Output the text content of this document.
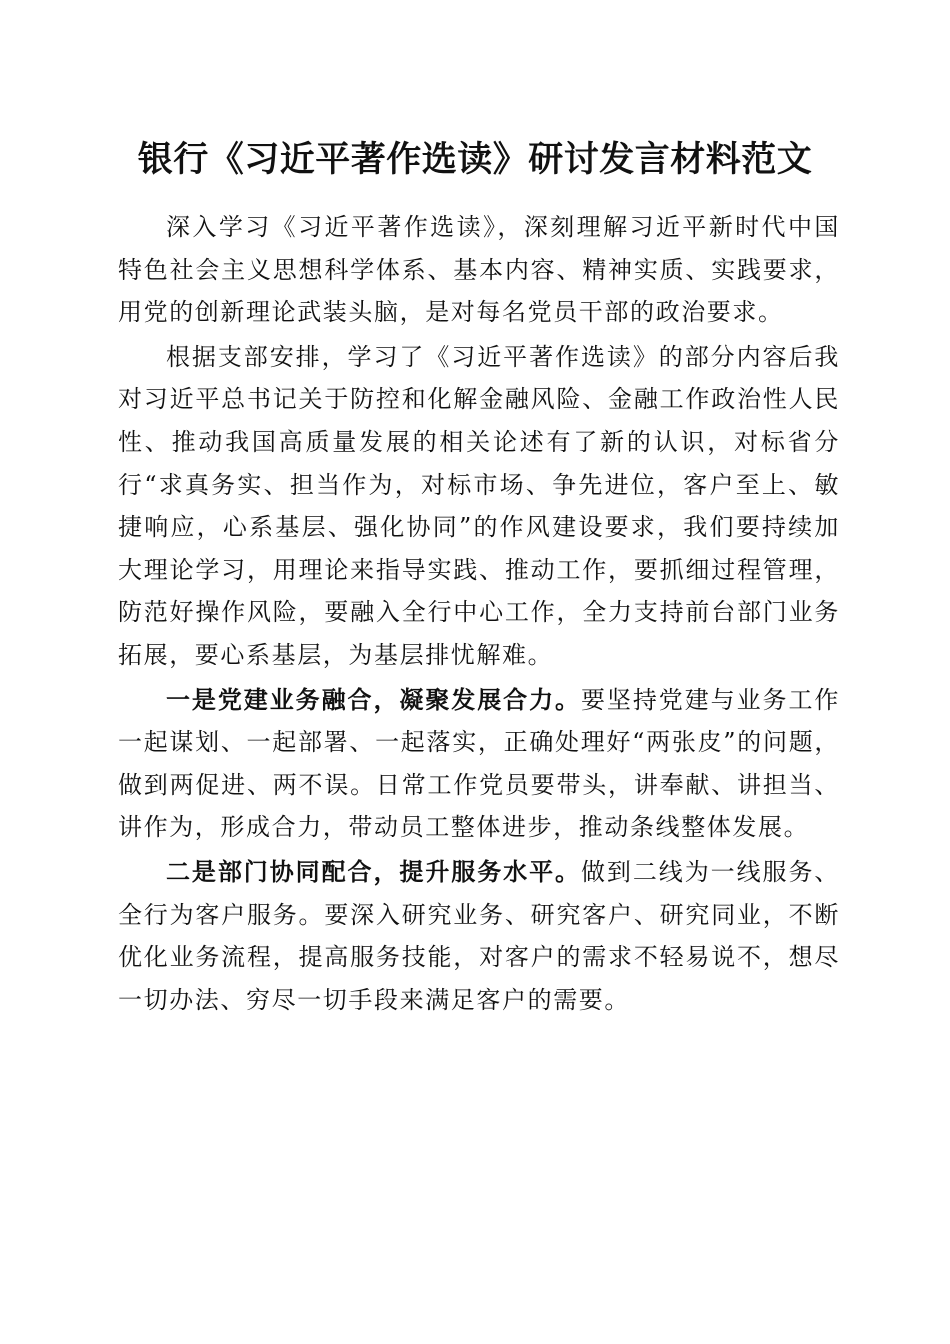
银行《习近平著作选读》研讨发言材料范文

深入学习《习近平著作选读》，深刻理解习近平新时代中国特色社会主义思想科学体系、基本内容、精神实质、实践要求，用党的创新理论武装头脑，是对每名党员干部的政治要求。

根据支部安排，学习了《习近平著作选读》的部分内容后我对习近平总书记关于防控和化解金融风险、金融工作政治性人民性、推动我国高质量发展的相关论述有了新的认识，对标省分行“求真务实、担当作为，对标市场、争先进位，客户至上、敏捷响应，心系基层、强化协同”的作风建设要求，我们要持续加大理论学习，用理论来指导实践、推动工作，要抓细过程管理，防范好操作风险，要融入全行中心工作，全力支持前台部门业务拓展，要心系基层，为基层排忧解难。

一是党建业务融合，凝聚发展合力。要坚持党建与业务工作一起谋划、一起部署、一起落实，正确处理好“两张皮”的问题，做到两促进、两不误。日常工作党员要带头，讲奉献、讲担当、讲作为，形成合力，带动员工整体进步，推动条线整体发展。

二是部门协同配合，提升服务水平。做到二线为一线服务、全行为客户服务。要深入研究业务、研究客户、研究同业，不断优化业务流程，提高服务技能，对客户的需求不轻易说不，想尽一切办法、穷尽一切手段来满足客户的需要。
